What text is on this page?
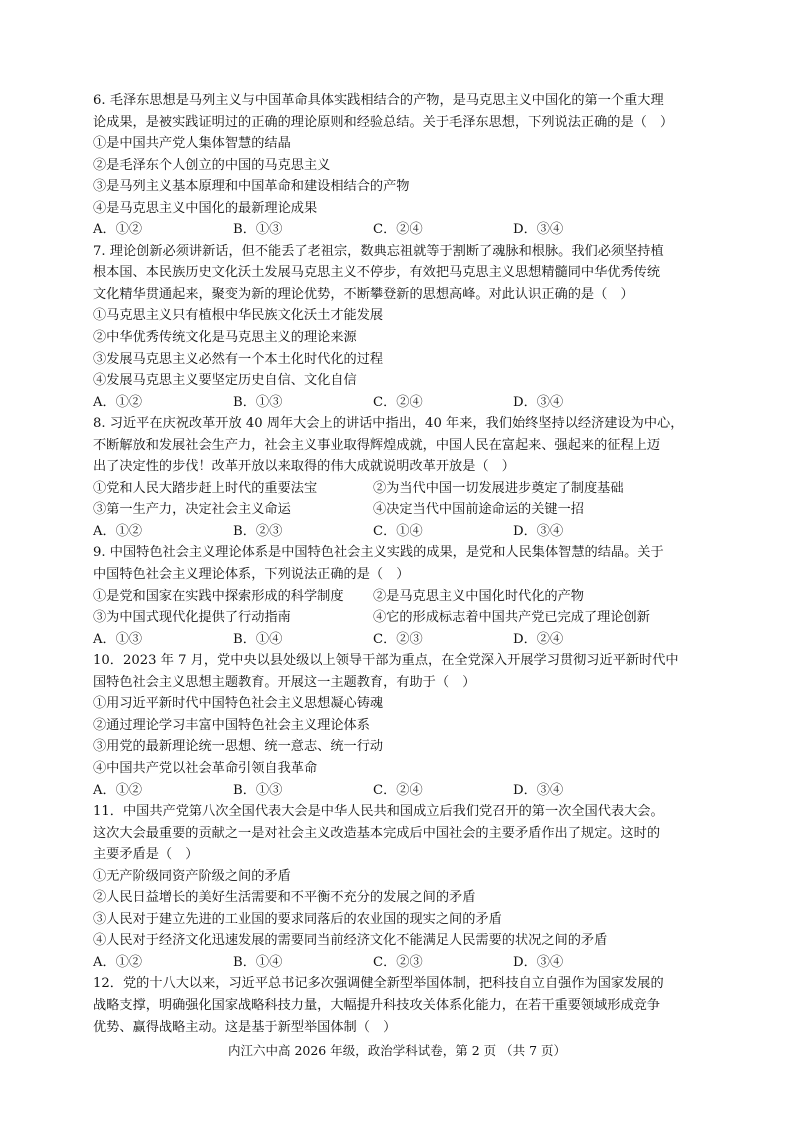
6. 毛泽东思想是马列主义与中国革命具体实践相结合的产物，是马克思主义中国化的第一个重大理
论成果，是被实践证明过的正确的理论原则和经验总结。关于毛泽东思想，下列说法正确的是（　）
①是中国共产党人集体智慧的结晶
②是毛泽东个人创立的中国的马克思主义
③是马列主义基本原理和中国革命和建设相结合的产物
④是马克思主义中国化的最新理论成果
A．①②	B．①③	C．②④	D．③④
7. 理论创新必须讲新话，但不能丢了老祖宗，数典忘祖就等于割断了魂脉和根脉。我们必须坚持植
根本国、本民族历史文化沃土发展马克思主义不停步，有效把马克思主义思想精髓同中华优秀传统
文化精华贯通起来，聚变为新的理论优势，不断攀登新的思想高峰。对此认识正确的是（　）
①马克思主义只有植根中华民族文化沃土才能发展
②中华优秀传统文化是马克思主义的理论来源
③发展马克思主义必然有一个本土化时代化的过程
④发展马克思主义要坚定历史自信、文化自信
A．①②	B．①③	C．②④	D．③④
8. 习近平在庆祝改革开放 40 周年大会上的讲话中指出，40 年来，我们始终坚持以经济建设为中心，
不断解放和发展社会生产力，社会主义事业取得辉煌成就，中国人民在富起来、强起来的征程上迈
出了决定性的步伐！改革开放以来取得的伟大成就说明改革开放是（　）
①党和人民大踏步赶上时代的重要法宝	②为当代中国一切发展进步奠定了制度基础
③第一生产力，决定社会主义命运	④决定当代中国前途命运的关键一招
A．①②	B．②③	C．①④	D．③④
9. 中国特色社会主义理论体系是中国特色社会主义实践的成果，是党和人民集体智慧的结晶。关于
中国特色社会主义理论体系，下列说法正确的是（　）
①是党和国家在实践中探索形成的科学制度	②是马克思主义中国化时代化的产物
③为中国式现代化提供了行动指南	④它的形成标志着中国共产党已完成了理论创新
A．①③	B．①④	C．②③	D．②④
10．2023 年 7 月，党中央以县处级以上领导干部为重点，在全党深入开展学习贯彻习近平新时代中
国特色社会主义思想主题教育。开展这一主题教育，有助于（　）
①用习近平新时代中国特色社会主义思想凝心铸魂
②通过理论学习丰富中国特色社会主义理论体系
③用党的最新理论统一思想、统一意志、统一行动
④中国共产党以社会革命引领自我革命
A．①②	B．①③	C．②④	D．③④
11．中国共产党第八次全国代表大会是中华人民共和国成立后我们党召开的第一次全国代表大会。
这次大会最重要的贡献之一是对社会主义改造基本完成后中国社会的主要矛盾作出了规定。这时的
主要矛盾是（　）
①无产阶级同资产阶级之间的矛盾
②人民日益增长的美好生活需要和不平衡不充分的发展之间的矛盾
③人民对于建立先进的工业国的要求同落后的农业国的现实之间的矛盾
④人民对于经济文化迅速发展的需要同当前经济文化不能满足人民需要的状况之间的矛盾
A．①②	B．①④	C．②③	D．③④
12．党的十八大以来，习近平总书记多次强调健全新型举国体制，把科技自立自强作为国家发展的
战略支撑，明确强化国家战略科技力量，大幅提升科技攻关体系化能力，在若干重要领域形成竞争
优势、赢得战略主动。这是基于新型举国体制（　）
内江六中高 2026 年级，政治学科试卷，第 2 页 （共 7 页）
